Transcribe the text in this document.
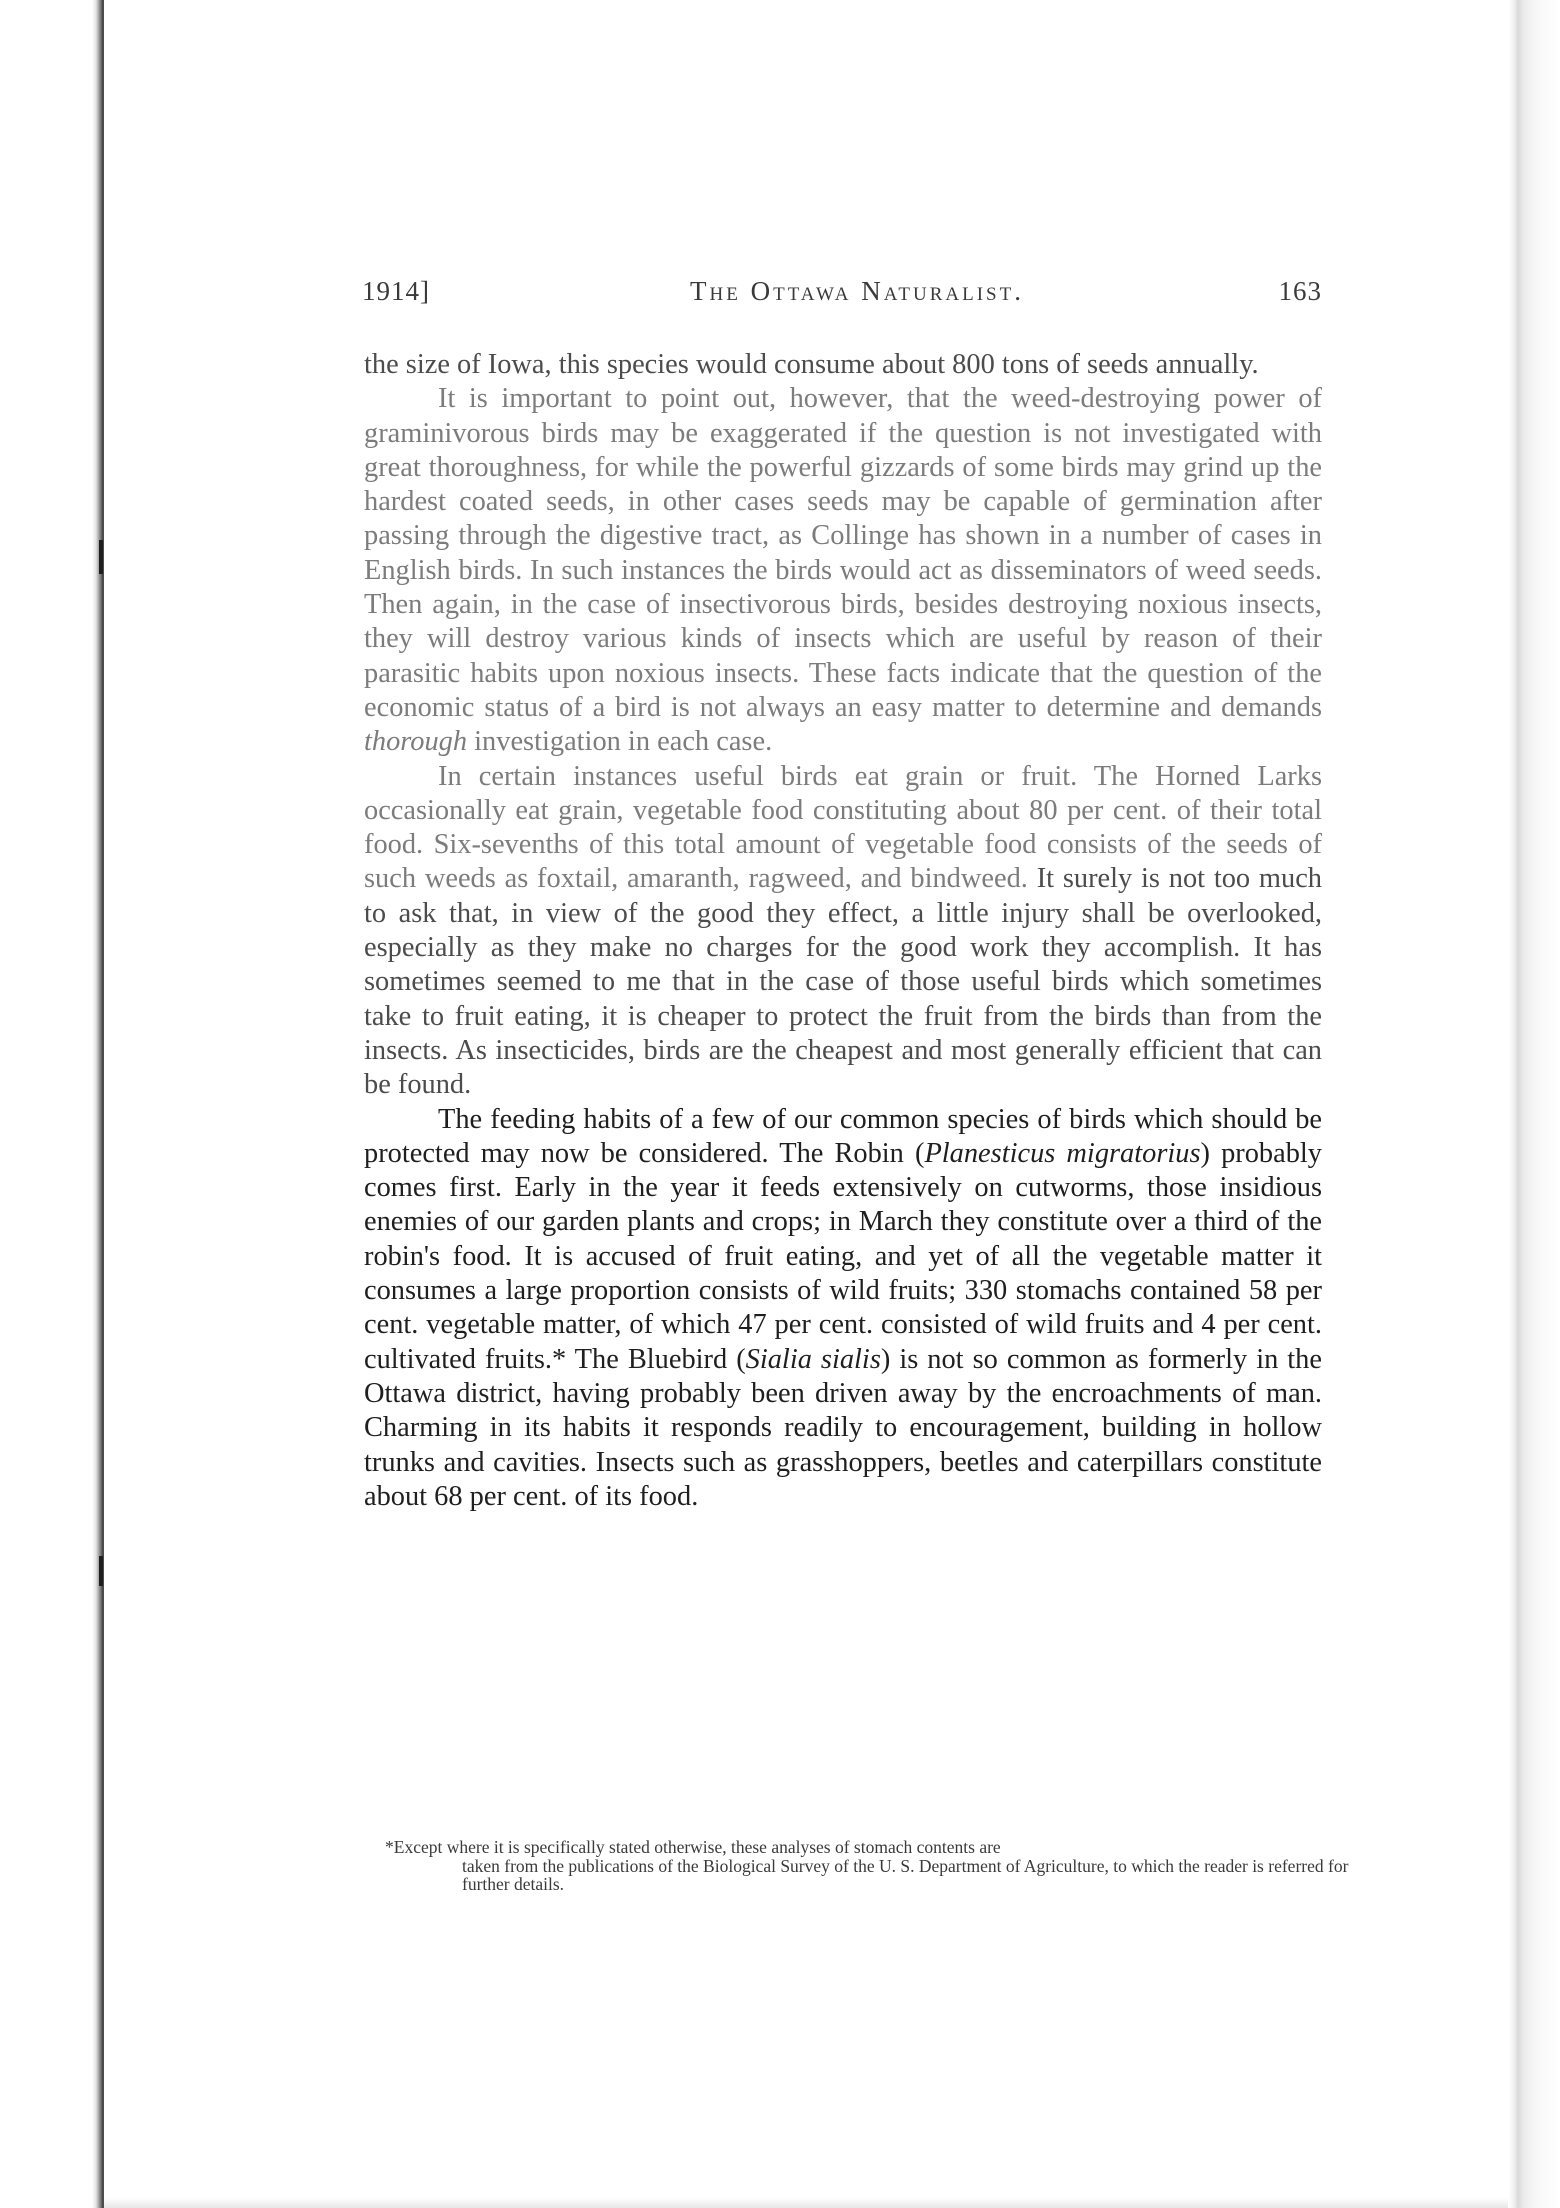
1914]	The Ottawa Naturalist.	163

the size of Iowa, this species would consume about 800 tons of seeds annually.

It is important to point out, however, that the weed-destroying power of graminivorous birds may be exaggerated if the question is not investigated with great thoroughness, for while the powerful gizzards of some birds may grind up the hardest coated seeds, in other cases seeds may be capable of germination after passing through the digestive tract, as Collinge has shown in a number of cases in English birds. In such instances the birds would act as disseminators of weed seeds. Then again, in the case of insectivorous birds, besides destroying noxious insects, they will destroy various kinds of insects which are useful by reason of their parasitic habits upon noxious insects. These facts indicate that the question of the economic status of a bird is not always an easy matter to determine and demands thorough investigation in each case.

In certain instances useful birds eat grain or fruit. The Horned Larks occasionally eat grain, vegetable food constituting about 80 per cent. of their total food. Six-sevenths of this total amount of vegetable food consists of the seeds of such weeds as foxtail, amaranth, ragweed, and bindweed. It surely is not too much to ask that, in view of the good they effect, a little injury shall be overlooked, especially as they make no charges for the good work they accomplish. It has sometimes seemed to me that in the case of those useful birds which sometimes take to fruit eating, it is cheaper to protect the fruit from the birds than from the insects. As insecticides, birds are the cheapest and most generally efficient that can be found.

The feeding habits of a few of our common species of birds which should be protected may now be considered. The Robin (Planesticus migratorius) probably comes first. Early in the year it feeds extensively on cutworms, those insidious enemies of our garden plants and crops; in March they constitute over a third of the robin's food. It is accused of fruit eating, and yet of all the vegetable matter it consumes a large proportion consists of wild fruits; 330 stomachs contained 58 per cent. vegetable matter, of which 47 per cent. consisted of wild fruits and 4 per cent. cultivated fruits.* The Bluebird (Sialia sialis) is not so common as formerly in the Ottawa district, having probably been driven away by the encroachments of man. Charming in its habits it responds readily to encouragement, building in hollow trunks and cavities. Insects such as grasshoppers, beetles and caterpillars constitute about 68 per cent. of its food.

*Except where it is specifically stated otherwise, these analyses of stomach contents are
taken from the publications of the Biological Survey of the U. S. Department of Agriculture, to which the reader is referred for further details.
